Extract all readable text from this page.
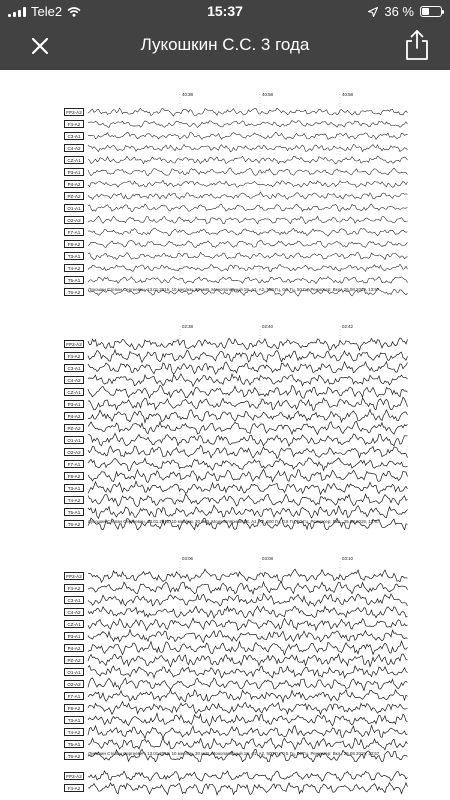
Tele2	15:37	36 %
Лукошкин С.С. 3 года
FP2-A2
F4-A2
C3-A1
C4-A2
CZ-A1
P3-A1
P4-A2
PZ-A2
O1-A1
O2-A2
F7-A1
F8-A2
T3-A1
T4-A2
T5-A1
T6-A2
40:38	40:58	40:58
Лукошин Степан Сергеевич, 13.01.2016, 10 мес/мм, 30 мкВ, Монополярный 18, A1, A2, 500 Гц, 0.5 Гц, 50 Гц, Режиссер: Вкл., 26.08.2019, 13:57
FP2-A2
F4-A2
C3-A1
C4-A2
CZ-A1
P3-A1
P4-A2
PZ-A2
O1-A1
O2-A2
F7-A1
F8-A2
T3-A1
T4-A2
T5-A1
T6-A2
02:38	02:40	02:42
Лукошин Степан Сергеевич, 13.01.2016, 10 мес/мм, 30 мкВ, Монополярный 18, A1, A2, 500 Гц, 0.5 Гц, 50 Гц, Режиссер: Вкл., 26.08.2019, 13:57
FP2-A2
F4-A2
C3-A1
C4-A2
CZ-A1
P3-A1
P4-A2
PZ-A2
O1-A1
O2-A2
F7-A1
F8-A2
T3-A1
T4-A2
T5-A1
T6-A2
03:06	03:08	03:10
Лукошин Степан Сергеевич, 13.01.2016, 10 мес/мм, 30 мкВ, Монополярный 18, A1, A2, 500 Гц, 0.5 Гц, 50 Гц, Режиссер: Вкл., 26.08.2019, 13:57
FP2-A2
F4-A2
